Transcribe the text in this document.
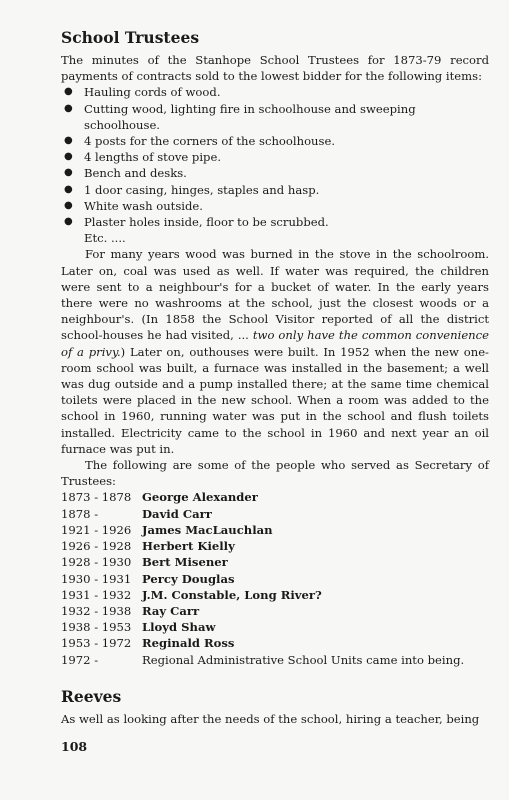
School Trustees

The minutes of the Stanhope School Trustees for 1873-79 record payments of contracts sold to the lowest bidder for the following items:

● Hauling cords of wood.
● Cutting wood, lighting fire in schoolhouse and sweeping schoolhouse.
● 4 posts for the corners of the schoolhouse.
● 4 lengths of stove pipe.
● Bench and desks.
● 1 door casing, hinges, staples and hasp.
● White wash outside.
● Plaster holes inside, floor to be scrubbed.
Etc. ....

For many years wood was burned in the stove in the schoolroom. Later on, coal was used as well. If water was required, the children were sent to a neighbour's for a bucket of water. In the early years there were no washrooms at the school, just the closest woods or a neighbour's. (In 1858 the School Visitor reported of all the district school-houses he had visited, ... two only have the common convenience of a privy.) Later on, outhouses were built. In 1952 when the new one-room school was built, a furnace was installed in the basement; a well was dug outside and a pump installed there; at the same time chemical toilets were placed in the new school. When a room was added to the school in 1960, running water was put in the school and flush toilets installed. Electricity came to the school in 1960 and next year an oil furnace was put in.

The following are some of the people who served as Secretary of Trustees:

1873 - 1878	George Alexander
1878 -	David Carr
1921 - 1926	James MacLauchlan
1926 - 1928	Herbert Kielly
1928 - 1930	Bert Misener
1930 - 1931	Percy Douglas
1931 - 1932	J.M. Constable, Long River?
1932 - 1938	Ray Carr
1938 - 1953	Lloyd Shaw
1953 - 1972	Reginald Ross
1972 -	Regional Administrative School Units came into being.
Reeves

As well as looking after the needs of the school, hiring a teacher, being

108
